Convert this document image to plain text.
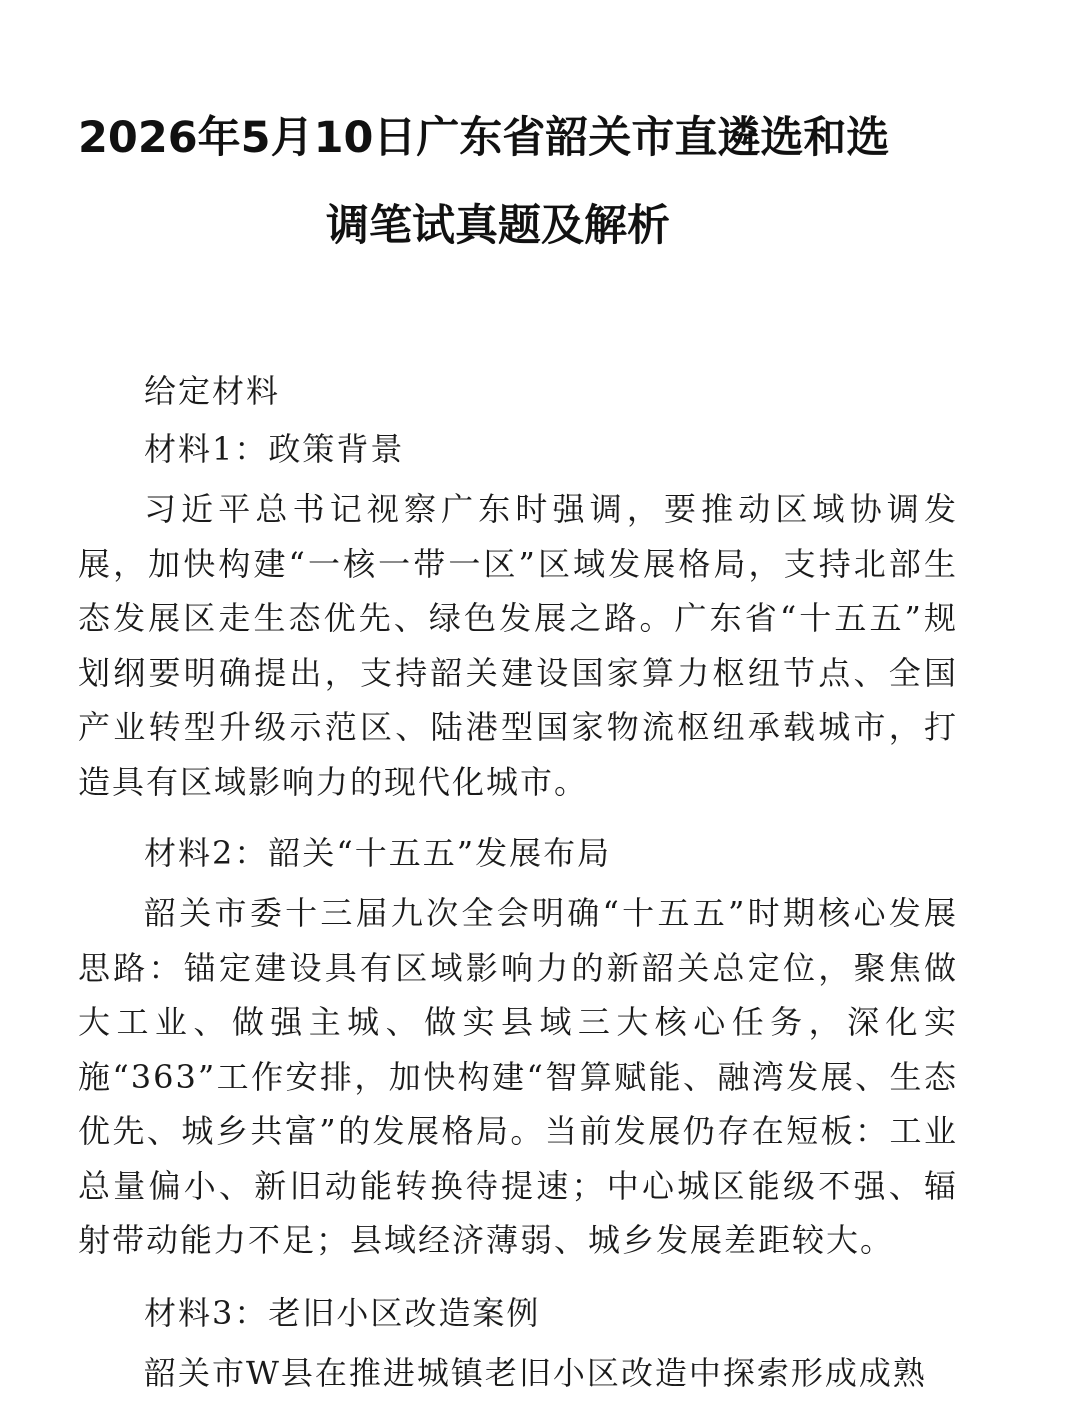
2026年5月10日广东省韶关市直遴选和选
调笔试真题及解析

给定材料

材料1：政策背景

习近平总书记视察广东时强调，要推动区域协调发展，加快构建“一核一带一区”区域发展格局，支持北部生态发展区走生态优先、绿色发展之路。广东省“十五五”规划纲要明确提出，支持韶关建设国家算力枢纽节点、全国产业转型升级示范区、陆港型国家物流枢纽承载城市，打造具有区域影响力的现代化城市。

材料2：韶关“十五五”发展布局

韶关市委十三届九次全会明确“十五五”时期核心发展思路：锚定建设具有区域影响力的新韶关总定位，聚焦做大工业、做强主城、做实县域三大核心任务，深化实施“363”工作安排，加快构建“智算赋能、融湾发展、生态优先、城乡共富”的发展格局。当前发展仍存在短板：工业总量偏小、新旧动能转换待提速；中心城区能级不强、辐射带动能力不足；县域经济薄弱、城乡发展差距较大。

材料3：老旧小区改造案例

韶关市W县在推进城镇老旧小区改造中探索形成成熟
